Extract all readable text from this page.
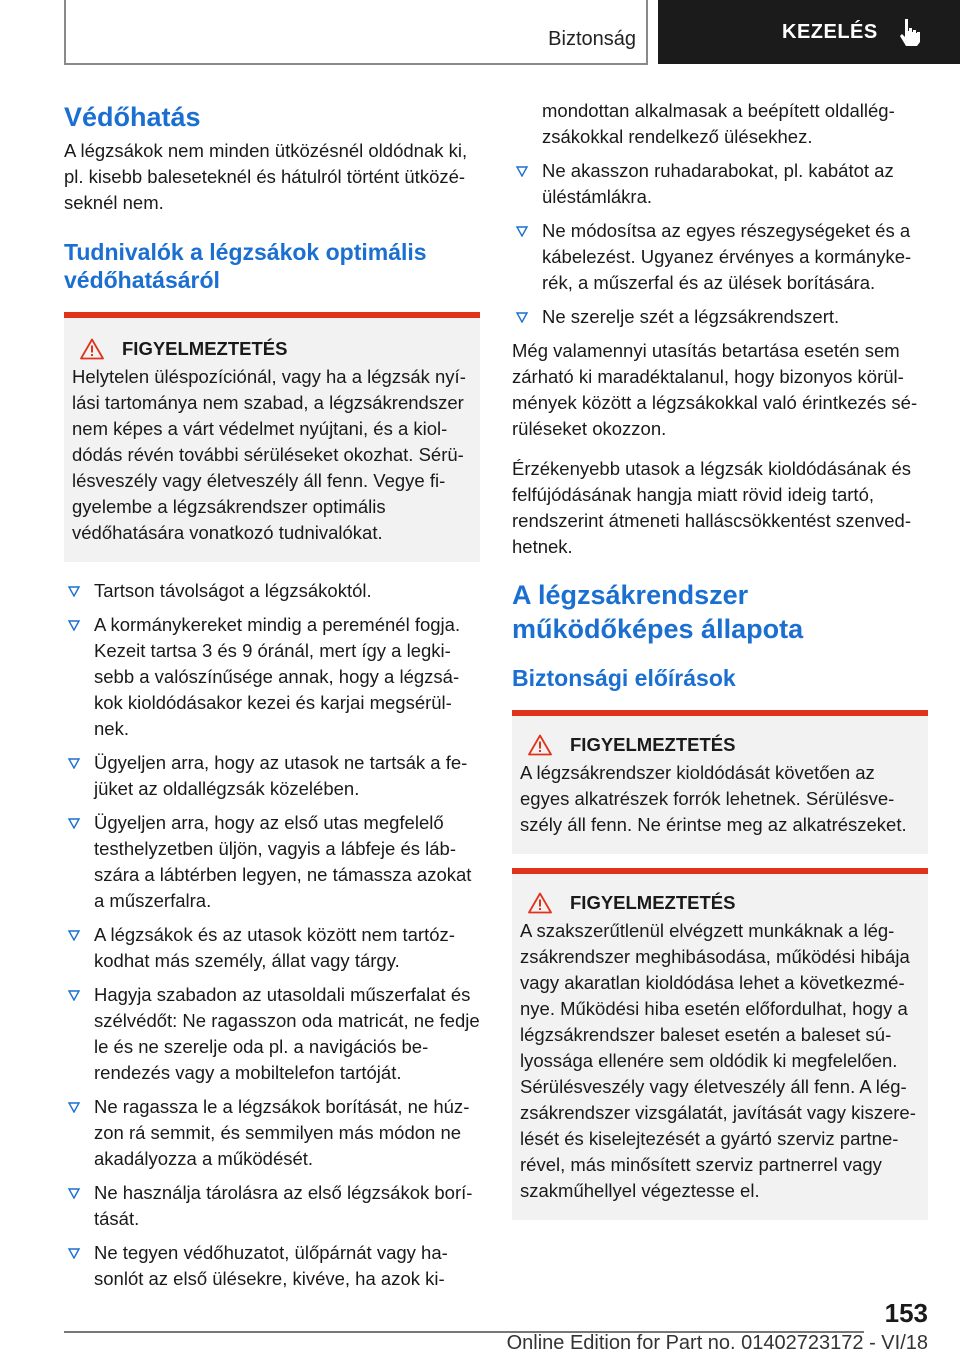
Biztonság	KEZELÉS
Védőhatás
A légzsákok nem minden ütközésnél oldódnak ki, pl. kisebb baleseteknél és hátulról történt ütközéseknél nem.
Tudnivalók a légzsákok optimális védőhatásáról
FIGYELMEZTETÉS
Helytelen üléspozíciónál, vagy ha a légzsák nyílási tartománya nem szabad, a légzsákrendszer nem képes a várt védelmet nyújtani, és a kioldódás révén további sérüléseket okozhat. Sérülésveszély vagy életveszély áll fenn. Vegye figyelembe a légzsákrendszer optimális védőhatására vonatkozó tudnivalókat.
Tartson távolságot a légzsákoktól.
A kormánykereket mindig a pereménél fogja. Kezeit tartsa 3 és 9 óránál, mert így a legkisebb a valószínűsége annak, hogy a légzsákok kioldódásakor kezei és karjai megsérülnek.
Ügyeljen arra, hogy az utasok ne tartsák a fejüket az oldallégzsák közelében.
Ügyeljen arra, hogy az első utas megfelelő testhelyzetben üljön, vagyis a lábfeje és lábszára a lábtérben legyen, ne támassza azokat a műszerfalra.
A légzsákok és az utasok között nem tartózkodhat más személy, állat vagy tárgy.
Hagyja szabadon az utasoldali műszerfalat és szélvédőt: Ne ragasszon oda matricát, ne fedje le és ne szerelje oda pl. a navigációs berendezés vagy a mobiltelefon tartóját.
Ne ragassza le a légzsákok borítását, ne húzzon rá semmit, és semmilyen más módon ne akadályozza a működését.
Ne használja tárolásra az első légzsákok borítását.
Ne tegyen védőhuzatot, ülőpárnát vagy hasonlót az első ülésekre, kivéve, ha azok ki-
mondottan alkalmasak a beépített oldallégzsákokkal rendelkező ülésekhez.
Ne akasszon ruhadarabokat, pl. kabátot az üléstámlákra.
Ne módosítsa az egyes részegységeket és a kábelezést. Ugyanez érvényes a kormánykerék, a műszerfal és az ülések borítására.
Ne szerelje szét a légzsákrendszert.
Még valamennyi utasítás betartása esetén sem zárható ki maradéktalanul, hogy bizonyos körülmények között a légzsákokkal való érintkezés sérüléseket okozzon.
Érzékenyebb utasok a légzsák kioldódásának és felfújódásának hangja miatt rövid ideig tartó, rendszerint átmeneti halláscsökkentést szenvedhetnek.
A légzsákrendszer működőképes állapota
Biztonsági előírások
FIGYELMEZTETÉS
A légzsákrendszer kioldódását követően az egyes alkatrészek forrók lehetnek. Sérülésveszély áll fenn. Ne érintse meg az alkatrészeket.
FIGYELMEZTETÉS
A szakszerűtlenül elvégzett munkáknak a légzsákrendszer meghibásodása, működési hibája vagy akaratlan kioldódása lehet a következménye. Működési hiba esetén előfordulhat, hogy a légzsákrendszer baleset esetén a baleset súlyossága ellenére sem oldódik ki megfelelően. Sérülésveszély vagy életveszély áll fenn. A légzsákrendszer vizsgálatát, javítását vagy kiszerelését és kiselejtezését a gyártó szerviz partnerével, más minősített szerviz partnerrel vagy szakműhellyel végeztesse el.
153
Online Edition for Part no. 01402723172 - VI/18
